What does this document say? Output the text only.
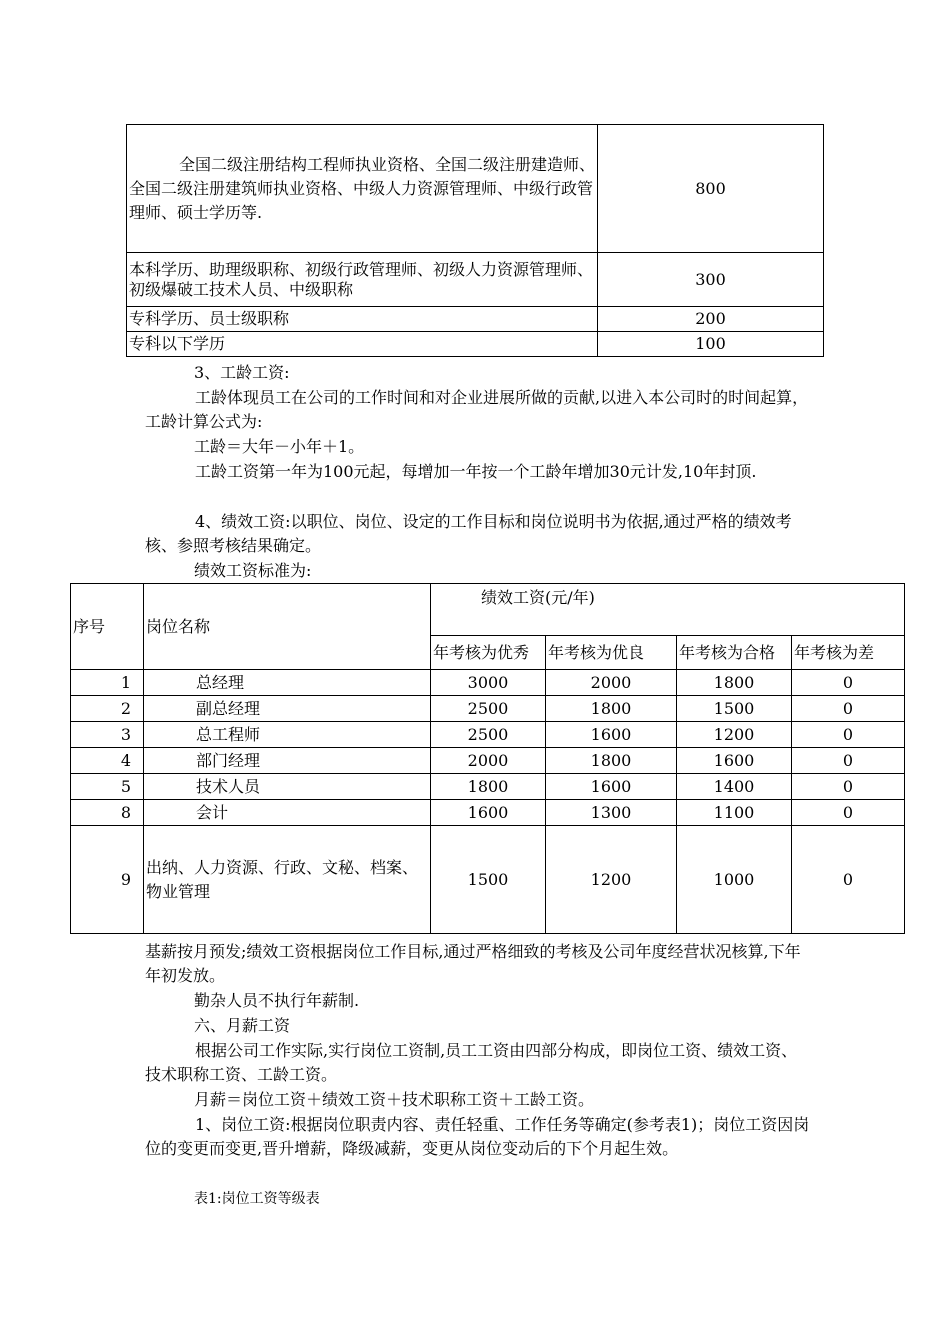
全国二级注册结构工程师执业资格、全国二级注册建造师、全国二级注册建筑师执业资格、中级人力资源管理师、中级行政管理师、硕士学历等.	800
本科学历、助理级职称、初级行政管理师、初级人力资源管理师、初级爆破工技术人员、中级职称	300
专科学历、员士级职称	200
专科以下学历	100
3、工龄工资:
工龄体现员工在公司的工作时间和对企业进展所做的贡献,以进入本公司时的时间起算，工龄计算公式为:
工龄＝大年－小年＋1。
工龄工资第一年为100元起，每增加一年按一个工龄年增加30元计发,10年封顶.
4、绩效工资:以职位、岗位、设定的工作目标和岗位说明书为依据,通过严格的绩效考核、参照考核结果确定。
绩效工资标准为:
序号	岗位名称	绩效工资(元/年)			
		年考核为优秀	年考核为优良	年考核为合格	年考核为差
1	总经理	3000	2000	1800	0
2	副总经理	2500	1800	1500	0
3	总工程师	2500	1600	1200	0
4	部门经理	2000	1800	1600	0
5	技术人员	1800	1600	1400	0
8	会计	1600	1300	1100	0
9	出纳、人力资源、行政、文秘、档案、物业管理	1500	1200	1000	0
基薪按月预发;绩效工资根据岗位工作目标,通过严格细致的考核及公司年度经营状况核算,下年年初发放。
勤杂人员不执行年薪制.
六、月薪工资
根据公司工作实际,实行岗位工资制,员工工资由四部分构成，即岗位工资、绩效工资、技术职称工资、工龄工资。
月薪＝岗位工资＋绩效工资＋技术职称工资＋工龄工资。
1、岗位工资:根据岗位职责内容、责任轻重、工作任务等确定(参考表1)；岗位工资因岗位的变更而变更,晋升增薪，降级减薪，变更从岗位变动后的下个月起生效。
表1:岗位工资等级表
